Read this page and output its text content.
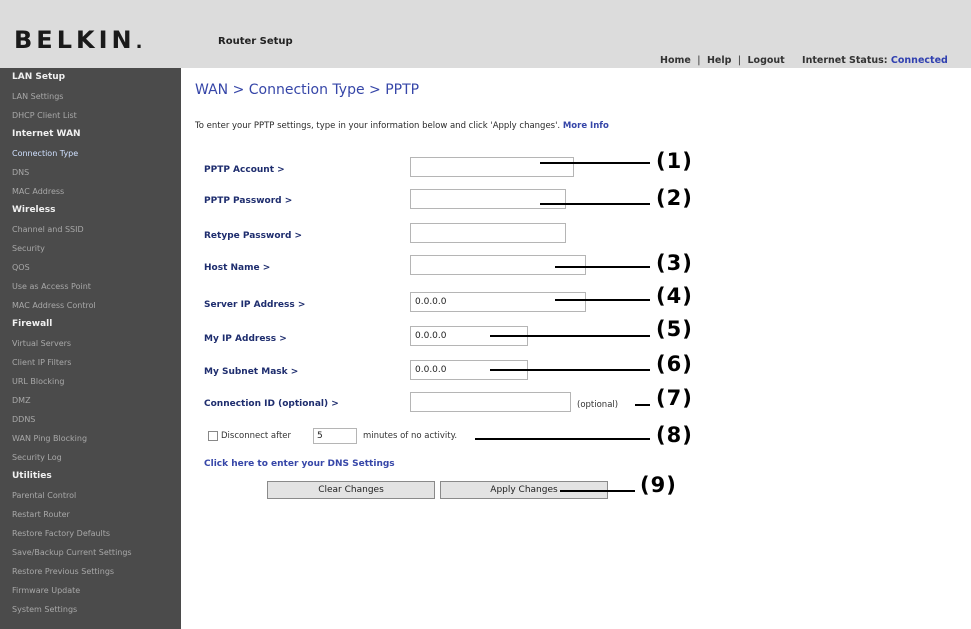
BELKIN.	Router Setup
Home | Help | Logout Internet Status: Connected
LAN Setup
LAN Settings
DHCP Client List
Internet WAN
Connection Type
DNS
MAC Address
Wireless
Channel and SSID
Security
QOS
Use as Access Point
MAC Address Control
Firewall
Virtual Servers
Client IP Filters
URL Blocking
DMZ
DDNS
WAN Ping Blocking
Security Log
Utilities
Parental Control
Restart Router
Restore Factory Defaults
Save/Backup Current Settings
Restore Previous Settings
Firmware Update
System Settings
WAN > Connection Type > PPTP
To enter your PPTP settings, type in your information below and click 'Apply changes'. More Info
PPTP Account >
PPTP Password >
Retype Password >
Host Name >
Server IP Address >
0.0.0.0
My IP Address >
0.0.0.0
My Subnet Mask >
0.0.0.0
Connection ID (optional) >	(optional)
Disconnect after
5	minutes of no activity.
Click here to enter your DNS Settings
Clear Changes	Apply Changes
(1)
(2)
(3)
(4)
(5)
(6)
(7)
(8)
(9)
